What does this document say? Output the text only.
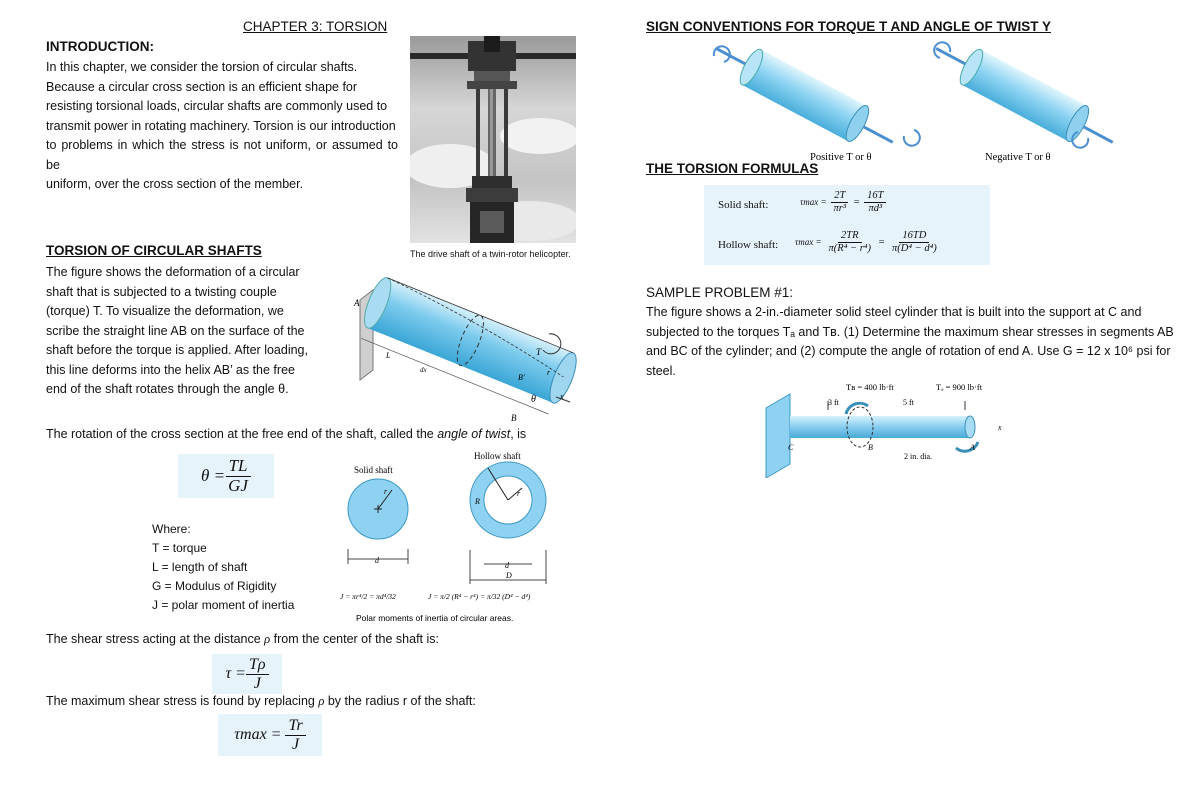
CHAPTER 3: TORSION
INTRODUCTION:
In this chapter, we consider the torsion of circular shafts.
Because a circular cross section is an efficient shape for
resisting torsional loads, circular shafts are commonly used to
transmit power in rotating machinery. Torsion is our introduction
to problems in which the stress is not uniform, or assumed to be
uniform, over the cross section of the member.
The drive shaft of a twin-rotor helicopter.
TORSION OF CIRCULAR SHAFTS
The figure shows the deformation of a circular
shaft that is subjected to a twisting couple
(torque) T. To visualize the deformation, we
scribe the straight line AB on the surface of the
shaft before the torque is applied. After loading,
this line deforms into the helix AB’ as the free
end of the shaft rotates through the angle θ.
A
B
T
θ	x
B′
r
L
dx
The rotation of the cross section at the free end of the shaft, called the angle of twist, is
$\theta = \frac{TL}{GJ}$
Where:
T = torque
L = length of shaft
G = Modulus of Rigidity
J = polar moment of inertia
Solid shaft
Hollow shaft
r
d
r
R
d
D
J = πr⁴/2 = πd⁴/32	J = π/2 (R⁴ − r⁴) = π/32 (D⁴ − d⁴)
Polar moments of inertia of circular areas.
The shear stress acting at the distance ρ from the center of the shaft is:
$\tau = \frac{T\rho}{J}$
The maximum shear stress is found by replacing ρ by the radius r of the shaft:
τmax =
$\frac{Tr}{J}$
SIGN CONVENTIONS FOR TORQUE T AND ANGLE OF TWIST Y
Positive T or θ	Negative T or θ
THE TORSION FORMULAS
Solid shaft:	$\tau\max = \frac{2T}{\text{πr³}} = \frac{16T}{\text{πd³}}$
Hollow shaft: $\tau\max = \frac{2TR}{\text{π(R⁴ − r⁴)}} = \frac{16TD}{\text{π(D⁴ − d⁴)}}$
SAMPLE PROBLEM #1:
The figure shows a 2-in.-diameter solid steel cylinder that is built into the support at C and
subjected to the torques Tₐ and Tʙ. (1) Determine the maximum shear stresses in segments AB
and BC of the cylinder; and (2) compute the angle of rotation of end A. Use G = 12 x 10⁶ psi for
steel.
Tʙ = 400 lb·ft	Tₐ = 900 lb·ft
3 ft	5 ft
C	B	A
x
2 in. dia.
